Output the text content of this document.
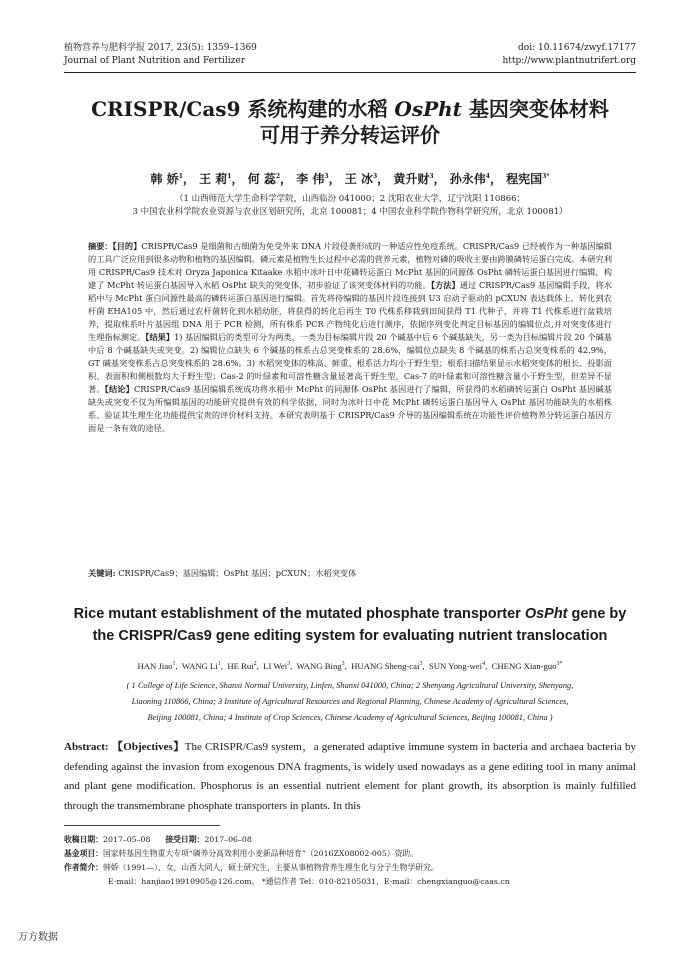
植物营养与肥料学报 2017, 23(5): 1359–1369
Journal of Plant Nutrition and Fertilizer
doi: 10.11674/zwyf.17177
http://www.plantnutrifert.org
CRISPR/Cas9 系统构建的水稻 OsPht 基因突变体材料
可用于养分转运评价
韩 娇$^1$， 王 莉$^1$， 何 蕊$^2$， 李 伟$^3$， 王 冰$^3$， 黄升财$^3$， 孙永伟$^4$， 程宪国$^{3*}$
（1 山西师范大学生命科学学院，山西临汾 041000；2 沈阳农业大学，辽宁沈阳 110866；
3 中国农业科学院农业资源与农业区划研究所，北京 100081；4 中国农业科学院作物科学研究所，北京 100081）
摘要：【目的】CRISPR/Cas9 是细菌和古细菌为免受外来 DNA 片段侵袭形成的一种适应性免疫系统。CRISPR/Cas9 已经被作为一种基因编辑的工具广泛应用到很多动物和植物的基因编辑。磷元素是植物生长过程中必需的营养元素，植物对磷的吸收主要由跨膜磷转运蛋白完成。本研究利用 CRISPR/Cas9 技术对 Oryza Japonica Kitaake 水稻中冰叶日中花磷转运蛋白 McPht 基因的同源体 OsPht 磷转运蛋白基因进行编辑，构建了 McPht 转运蛋白基因导入水稻 OsPht 缺失的突变体，初步验证了该突变体材料的功能。【方法】通过 CRISPR/Cas9 基因编辑手段，将水稻中与 McPht 蛋白同源性最高的磷转运蛋白基因进行编辑。首先将待编辑的基因片段连接到 U3 启动子驱动的 pCXUN 表达载体上，转化到农杆菌 EHA105 中，然后通过农杆菌转化到水稻幼胚，将获得的转化后再生 T0 代株系移栽到田间获得 T1 代种子，并将 T1 代株系进行盆栽培养，提取株系叶片基因组 DNA 用于 PCR 检测，所有株系 PCR 产物纯化后进行测序，依据序列变化判定目标基因的编辑位点,并对突变体进行生理指标测定。【结果】1) 基因编辑后的类型可分为两类，一类为目标编辑片段 20 个碱基中后 6 个碱基缺失，另一类为目标编辑片段 20 个碱基中后 8 个碱基缺失或突变。2) 编辑位点缺失 6 个碱基的株系占总突变株系的 28.6%，编辑位点缺失 8 个碱基的株系占总突变株系的 42.9%，GT 碱基突变株系占总突变株系的 28.6%。3) 水稻突变体的株高、鲜重、根系活力均小于野生型；根系扫描结果显示水稻突变体的根长、投影面积、表面积和侧根数均大于野生型；Cas-2 的叶绿素和可溶性糖含量显著高于野生型，Cas-7 的叶绿素和可溶性糖含量小于野生型，但差异不显著。【结论】CRISPR/Cas9 基因编辑系统成功将水稻中 McPht 的同源体 OsPht 基因进行了编辑，所获得的水稻磷转运蛋白 OsPht 基因碱基缺失或突变不仅为所编辑基因的功能研究提供有效的科学依据，同时为冰叶日中花 McPht 磷转运蛋白基因导入 OsPht 基因功能缺失的水稻株系、验证其生理生化功能提供宝贵的评价材料支持。本研究表明基于 CRISPR/Cas9 介导的基因编辑系统在功能性评价植物养分转运蛋白基因方面是一条有效的途径。
关键词: CRISPR/Cas9；基因编辑；OsPht 基因；pCXUN；水稻突变体
Rice mutant establishment of the mutated phosphate transporter OsPht gene by
the CRISPR/Cas9 gene editing system for evaluating nutrient translocation
HAN Jiao$^1$,  WANG Li$^1$,  HE Rui$^2$,  LI Wei$^3$,  WANG Bing$^3$,  HUANG Sheng-cai$^3$,  SUN Yong-wei$^4$,  CHENG Xian-guo$^{3*}$
( 1 College of Life Science, Shanxi Normal University, Linfen, Shanxi 041000, China; 2 Shenyang Agricultural University, Shenyang,
Liaoning 110866, China; 3 Institute of Agricultural Resources and Regional Planning, Chinese Academy of Agricultural Sciences,
Beijing 100081, China; 4 Institute of Crop Sciences, Chinese Academy of Agricultural Sciences, Beijing 100081, China )
Abstract: 【Objectives】The CRISPR/Cas9 system，a generated adaptive immune system in bacteria and archaea bacteria by defending against the invasion from exogenous DNA fragments, is widely used nowadays as a gene editing tool in many animal and plant gene modification. Phosphorus is an essential nutrient element for plant growth, its absorption is mainly fulfilled through the transmembrane phosphate transporters in plants. In this
收稿日期：2017–05–08 接受日期：2017–06–08
基金项目：国家转基因生物重大专项“磷养分高效利用小麦新品种培育”（2016ZX08002-005）资助。
作者简介：韩娇（1991—）、女，山西大同人，硕士研究生，主要从事植物营养生理生化与分子生物学研究。
E-mail：hanjiao19910905@126.com。 *通信作者 Tel：010-82105031，E-mail：chengxianguo@caas.cn
万方数据
